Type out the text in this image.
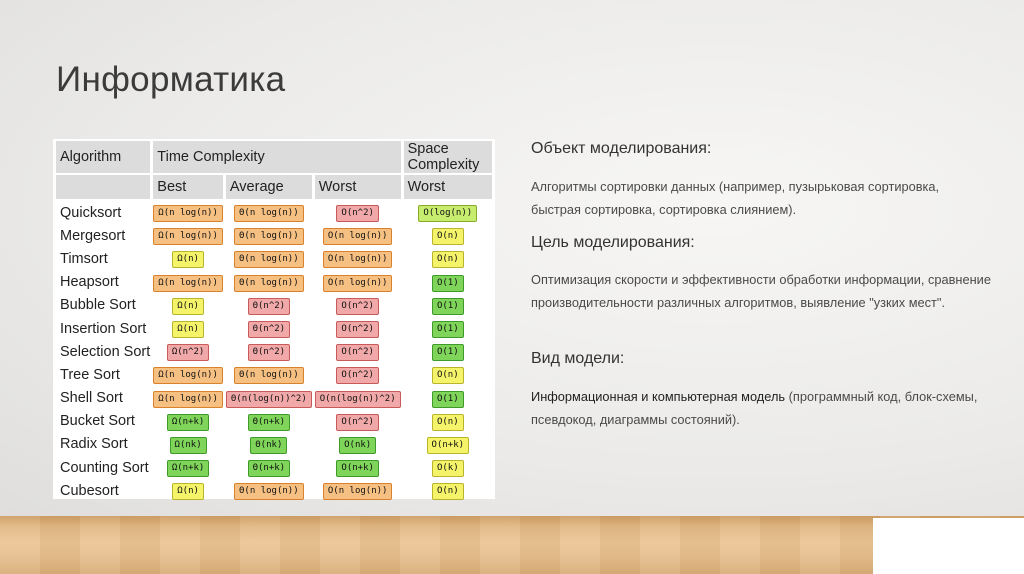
Информатика
Algorithm	Time Complexity			Space Complexity
	Best	Average	Worst	Worst
Quicksort	Ω(n log(n))	Θ(n log(n))	O(n^2)	O(log(n))
Mergesort	Ω(n log(n))	Θ(n log(n))	O(n log(n))	O(n)
Timsort	Ω(n)	Θ(n log(n))	O(n log(n))	O(n)
Heapsort	Ω(n log(n))	Θ(n log(n))	O(n log(n))	O(1)
Bubble Sort	Ω(n)	Θ(n^2)	O(n^2)	O(1)
Insertion Sort	Ω(n)	Θ(n^2)	O(n^2)	O(1)
Selection Sort	Ω(n^2)	Θ(n^2)	O(n^2)	O(1)
Tree Sort	Ω(n log(n))	Θ(n log(n))	O(n^2)	O(n)
Shell Sort	Ω(n log(n))	Θ(n(log(n))^2)	O(n(log(n))^2)	O(1)
Bucket Sort	Ω(n+k)	Θ(n+k)	O(n^2)	O(n)
Radix Sort	Ω(nk)	Θ(nk)	O(nk)	O(n+k)
Counting Sort	Ω(n+k)	Θ(n+k)	O(n+k)	O(k)
Cubesort	Ω(n)	Θ(n log(n))	O(n log(n))	O(n)
Объект моделирования:
Алгоритмы сортировки данных (например, пузырьковая сортировка, быстрая сортировка, сортировка слиянием).
Цель моделирования:
Оптимизация скорости и эффективности обработки информации, сравнение производительности различных алгоритмов, выявление "узких мест".
Вид модели:
Информационная и компьютерная модель (программный код, блок-схемы, псевдокод, диаграммы состояний).
